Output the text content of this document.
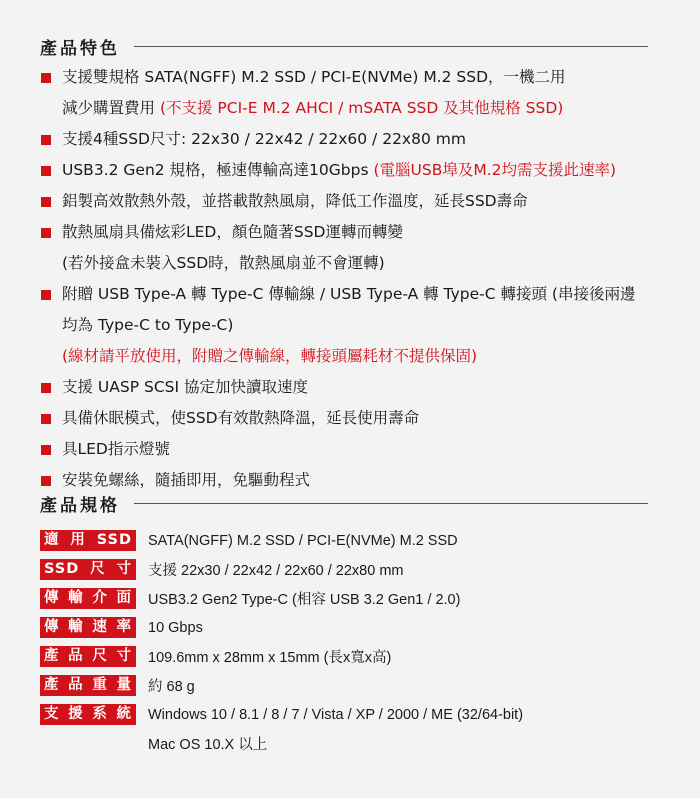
產品特色
支援雙規格 SATA(NGFF) M.2 SSD / PCI-E(NVMe) M.2 SSD，一機二用
減少購置費用 (不支援 PCI-E M.2 AHCI / mSATA SSD 及其他規格 SSD)
支援4種SSD尺寸: 22x30 / 22x42 / 22x60 / 22x80 mm
USB3.2 Gen2 規格，極速傳輸高達10Gbps (電腦USB埠及M.2均需支援此速率)
鋁製高效散熱外殼，並搭載散熱風扇，降低工作溫度，延長SSD壽命
散熱風扇具備炫彩LED，顏色隨著SSD運轉而轉變
(若外接盒未裝入SSD時，散熱風扇並不會運轉)
附贈 USB Type-A 轉 Type-C 傳輸線 / USB Type-A 轉 Type-C 轉接頭 (串接後兩邊
均為 Type-C to Type-C)
(線材請平放使用，附贈之傳輸線，轉接頭屬耗材不提供保固)
支援 UASP SCSI 協定加快讀取速度
具備休眠模式，使SSD有效散熱降溫，延長使用壽命
具LED指示燈號
安裝免螺絲，隨插即用，免驅動程式
產品規格
適用SSD SATA(NGFF) M.2 SSD / PCI-E(NVMe) M.2 SSD
SSD尺寸 支援 22x30 / 22x42 / 22x60 / 22x80 mm
傳輸介面 USB3.2 Gen2 Type-C (相容 USB 3.2 Gen1 / 2.0)
傳輸速率 10 Gbps
產品尺寸 109.6mm x 28mm x 15mm (長x寬x高)
產品重量 約 68 g
支援系統 Windows 10 / 8.1 / 8 / 7 / Vista / XP / 2000 / ME (32/64-bit)
Mac OS 10.X 以上
